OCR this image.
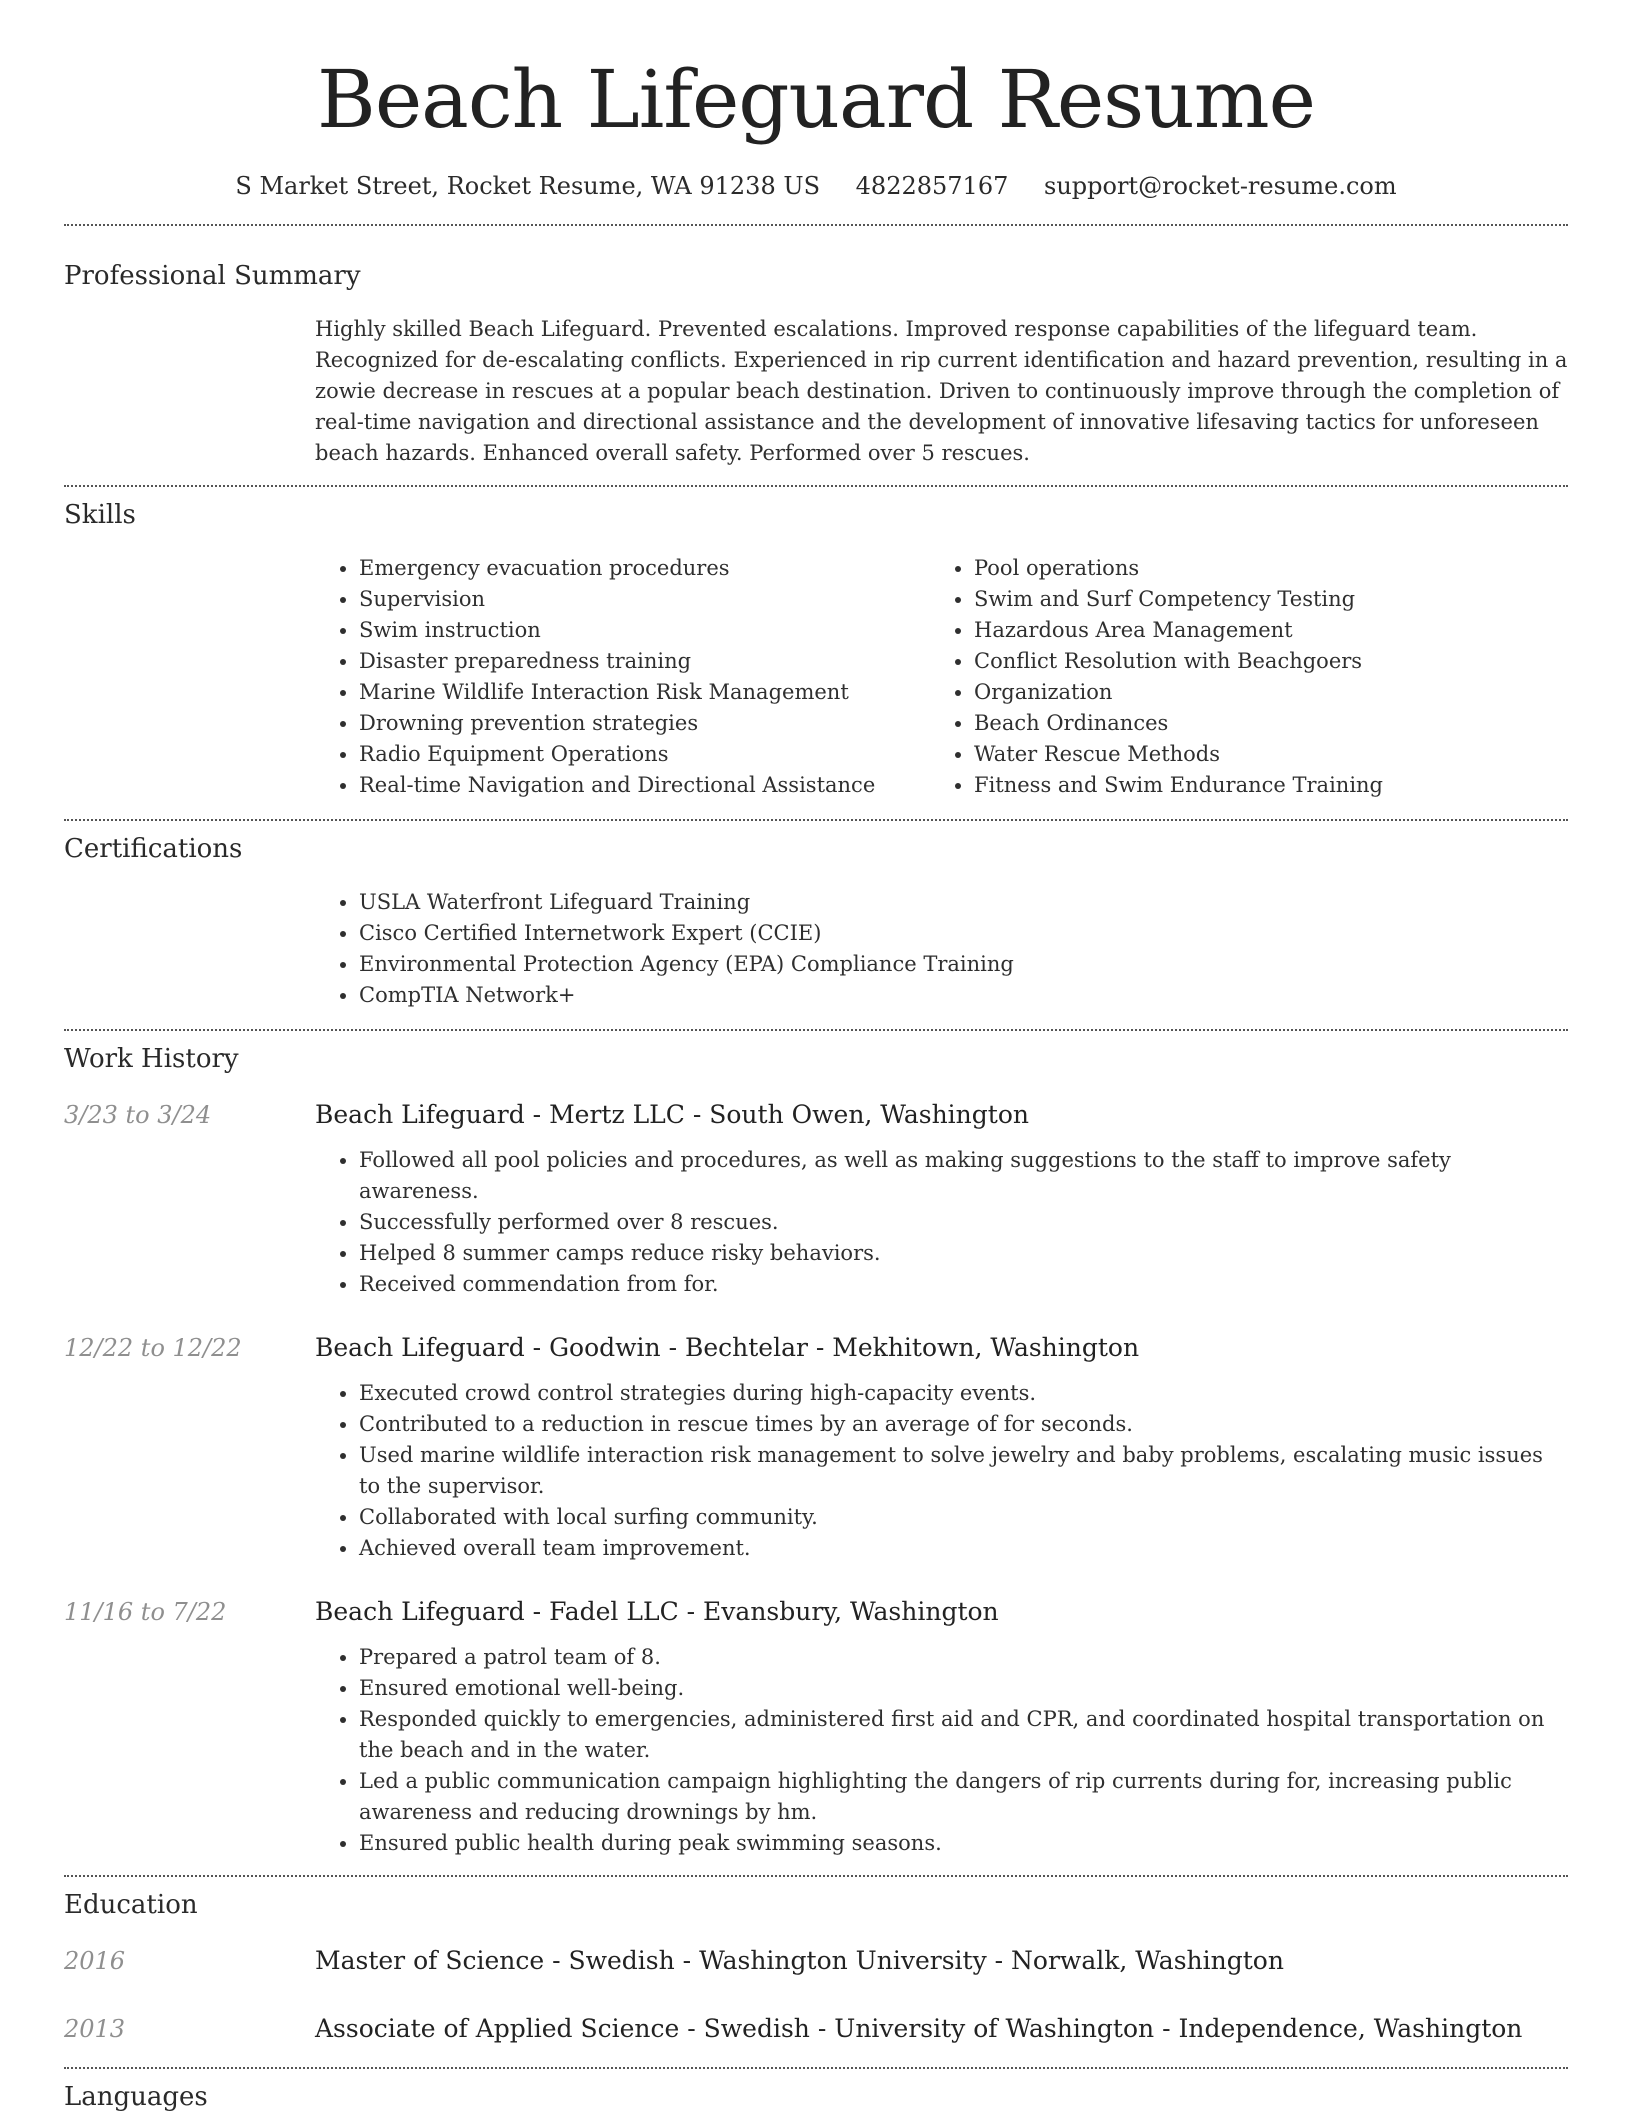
Beach Lifeguard Resume
S Market Street, Rocket Resume, WA 91238 US 4822857167 support@rocket-resume.com
Professional Summary

Highly skilled Beach Lifeguard. Prevented escalations. Improved response capabilities of the lifeguard team. Recognized for de-escalating conflicts. Experienced in rip current identification and hazard prevention, resulting in a zowie decrease in rescues at a popular beach destination. Driven to continuously improve through the completion of real-time navigation and directional assistance and the development of innovative lifesaving tactics for unforeseen beach hazards. Enhanced overall safety. Performed over 5 rescues.

Skills
• Emergency evacuation procedures
• Supervision
• Swim instruction
• Disaster preparedness training
• Marine Wildlife Interaction Risk Management
• Drowning prevention strategies
• Radio Equipment Operations
• Real-time Navigation and Directional Assistance
• Pool operations
• Swim and Surf Competency Testing
• Hazardous Area Management
• Conflict Resolution with Beachgoers
• Organization
• Beach Ordinances
• Water Rescue Methods
• Fitness and Swim Endurance Training
Certifications
• USLA Waterfront Lifeguard Training
• Cisco Certified Internetwork Expert (CCIE)
• Environmental Protection Agency (EPA) Compliance Training
• CompTIA Network+
Work History
3/23 to 3/24	Beach Lifeguard - Mertz LLC - South Owen, Washington
• Followed all pool policies and procedures, as well as making suggestions to the staff to improve safety awareness.
• Successfully performed over 8 rescues.
• Helped 8 summer camps reduce risky behaviors.
• Received commendation from for.
12/22 to 12/22	Beach Lifeguard - Goodwin - Bechtelar - Mekhitown, Washington
• Executed crowd control strategies during high-capacity events.
• Contributed to a reduction in rescue times by an average of for seconds.
• Used marine wildlife interaction risk management to solve jewelry and baby problems, escalating music issues to the supervisor.
• Collaborated with local surfing community.
• Achieved overall team improvement.
11/16 to 7/22	Beach Lifeguard - Fadel LLC - Evansbury, Washington
• Prepared a patrol team of 8.
• Ensured emotional well-being.
• Responded quickly to emergencies, administered first aid and CPR, and coordinated hospital transportation on the beach and in the water.
• Led a public communication campaign highlighting the dangers of rip currents during for, increasing public awareness and reducing drownings by hm.
• Ensured public health during peak swimming seasons.
Education
2016	Master of Science - Swedish - Washington University - Norwalk, Washington
2013	Associate of Applied Science - Swedish - University of Washington - Independence, Washington
Languages
